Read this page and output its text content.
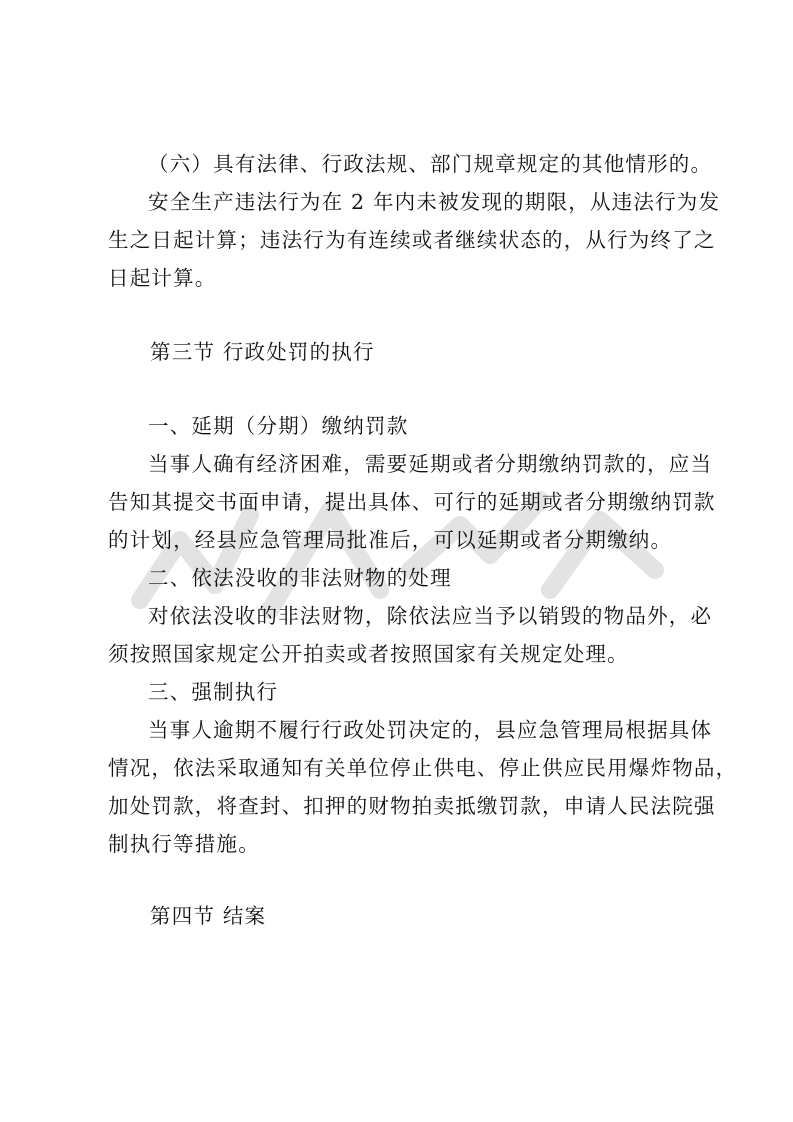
（六）具有法律、行政法规、部门规章规定的其他情形的。
安全生产违法行为在 2 年内未被发现的期限，从违法行为发
生之日起计算；违法行为有连续或者继续状态的，从行为终了之
日起计算。
第三节 行政处罚的执行
一、延期（分期）缴纳罚款
当事人确有经济困难，需要延期或者分期缴纳罚款的，应当
告知其提交书面申请，提出具体、可行的延期或者分期缴纳罚款
的计划，经县应急管理局批准后，可以延期或者分期缴纳。
二、依法没收的非法财物的处理
对依法没收的非法财物，除依法应当予以销毁的物品外，必
须按照国家规定公开拍卖或者按照国家有关规定处理。
三、强制执行
当事人逾期不履行行政处罚决定的，县应急管理局根据具体
情况，依法采取通知有关单位停止供电、停止供应民用爆炸物品，
加处罚款，将查封、扣押的财物拍卖抵缴罚款，申请人民法院强
制执行等措施。
第四节 结案
